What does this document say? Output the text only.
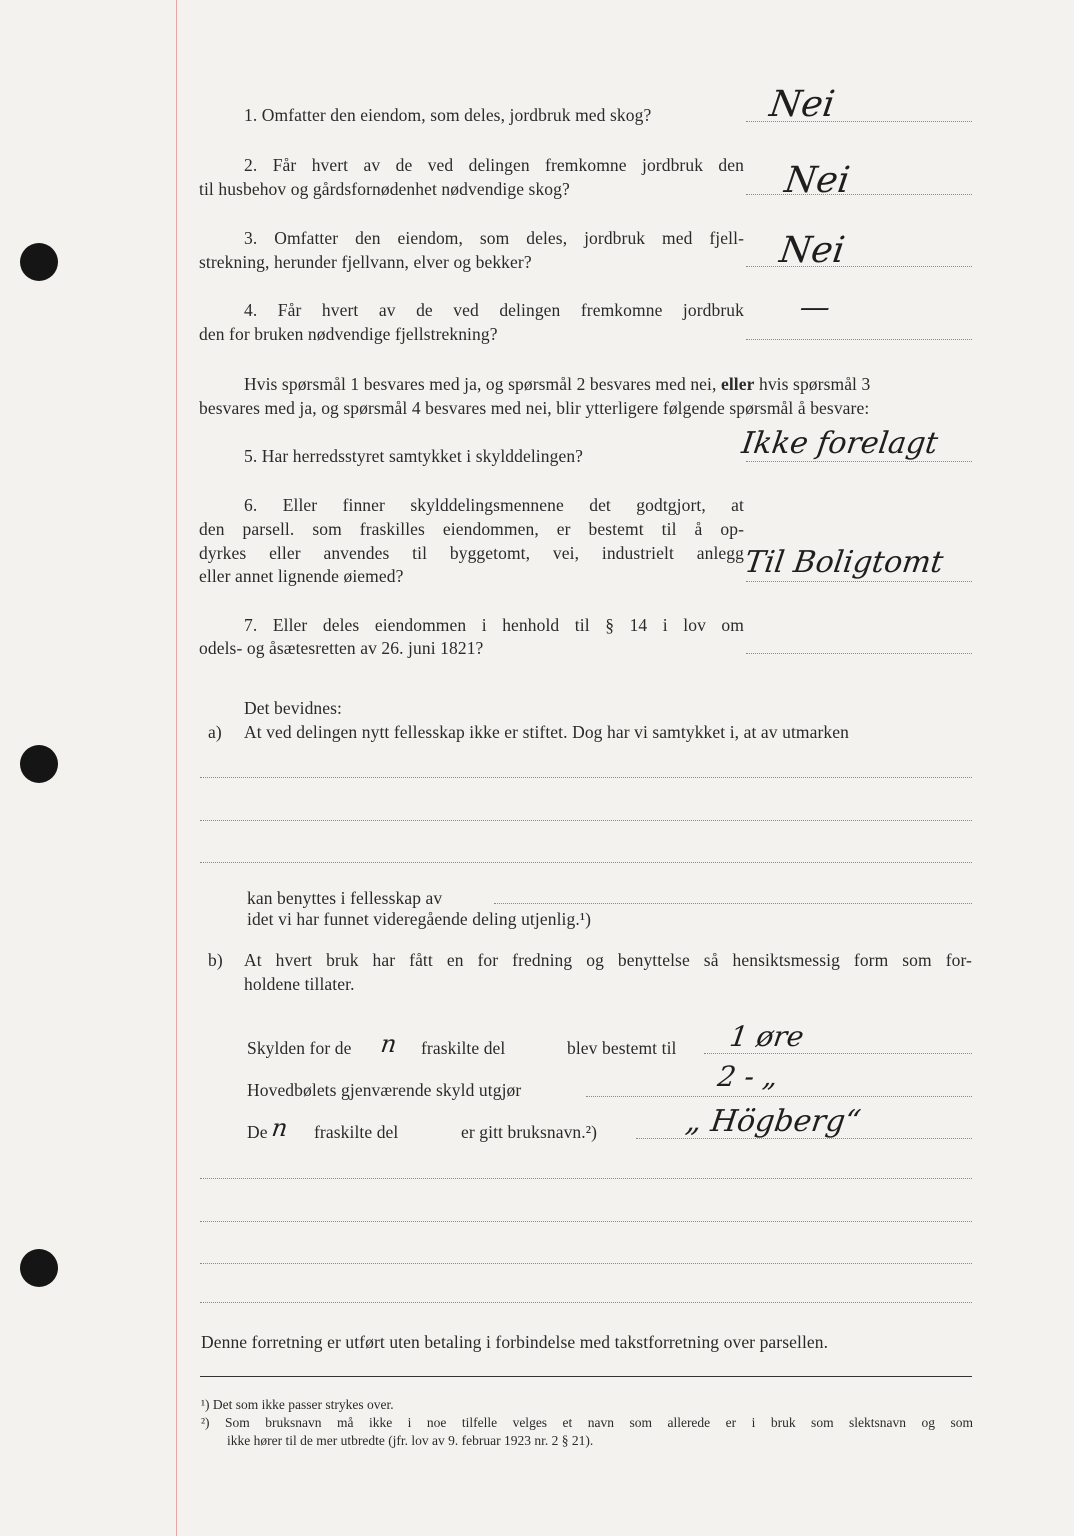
1. Omfatter den eiendom, som deles, jordbruk med skog?	Nei
2. Får hvert av de ved delingen fremkomne jordbruk den
til husbehov og gårdsfornødenhet nødvendige skog?	Nei
3. Omfatter den eiendom, som deles, jordbruk med fjell-
strekning, herunder fjellvann, elver og bekker?	Nei
4. Får hvert av de ved delingen fremkomne jordbruk
den for bruken nødvendige fjellstrekning?
—
Hvis spørsmål 1 besvares med ja, og spørsmål 2 besvares med nei, eller hvis spørsmål 3
besvares med ja, og spørsmål 4 besvares med nei, blir ytterligere følgende spørsmål å besvare:
5. Har herredsstyret samtykket i skylddelingen?	Ikke forelagt
6. Eller finner skylddelingsmennene det godtgjort, at
den parsell. som fraskilles eiendommen, er bestemt til å op-
dyrkes eller anvendes til byggetomt, vei, industrielt anlegg
eller annet lignende øiemed?	Til Boligtomt
7. Eller deles eiendommen i henhold til § 14 i lov om
odels- og åsætesretten av 26. juni 1821?
Det bevidnes:
a) At ved delingen nytt fellesskap ikke er stiftet. Dog har vi samtykket i, at av utmarken
kan benyttes i fellesskap av
idet vi har funnet videregående deling utjenlig.¹)
b) At hvert bruk har fått en for fredning og benyttelse så hensiktsmessig form som for-
holdene tillater.
Skylden for de n fraskilte del	blev bestemt til 1 øre
Hovedbølets gjenværende skyld utgjør	2 - „
De n fraskilte del	er gitt bruksnavn.²)	„ Högberg“
Denne forretning er utført uten betaling i forbindelse med takstforretning over parsellen.
¹) Det som ikke passer strykes over.
²) Som bruksnavn må ikke i noe tilfelle velges et navn som allerede er i bruk som slektsnavn og som
ikke hører til de mer utbredte (jfr. lov av 9. februar 1923 nr. 2 § 21).
